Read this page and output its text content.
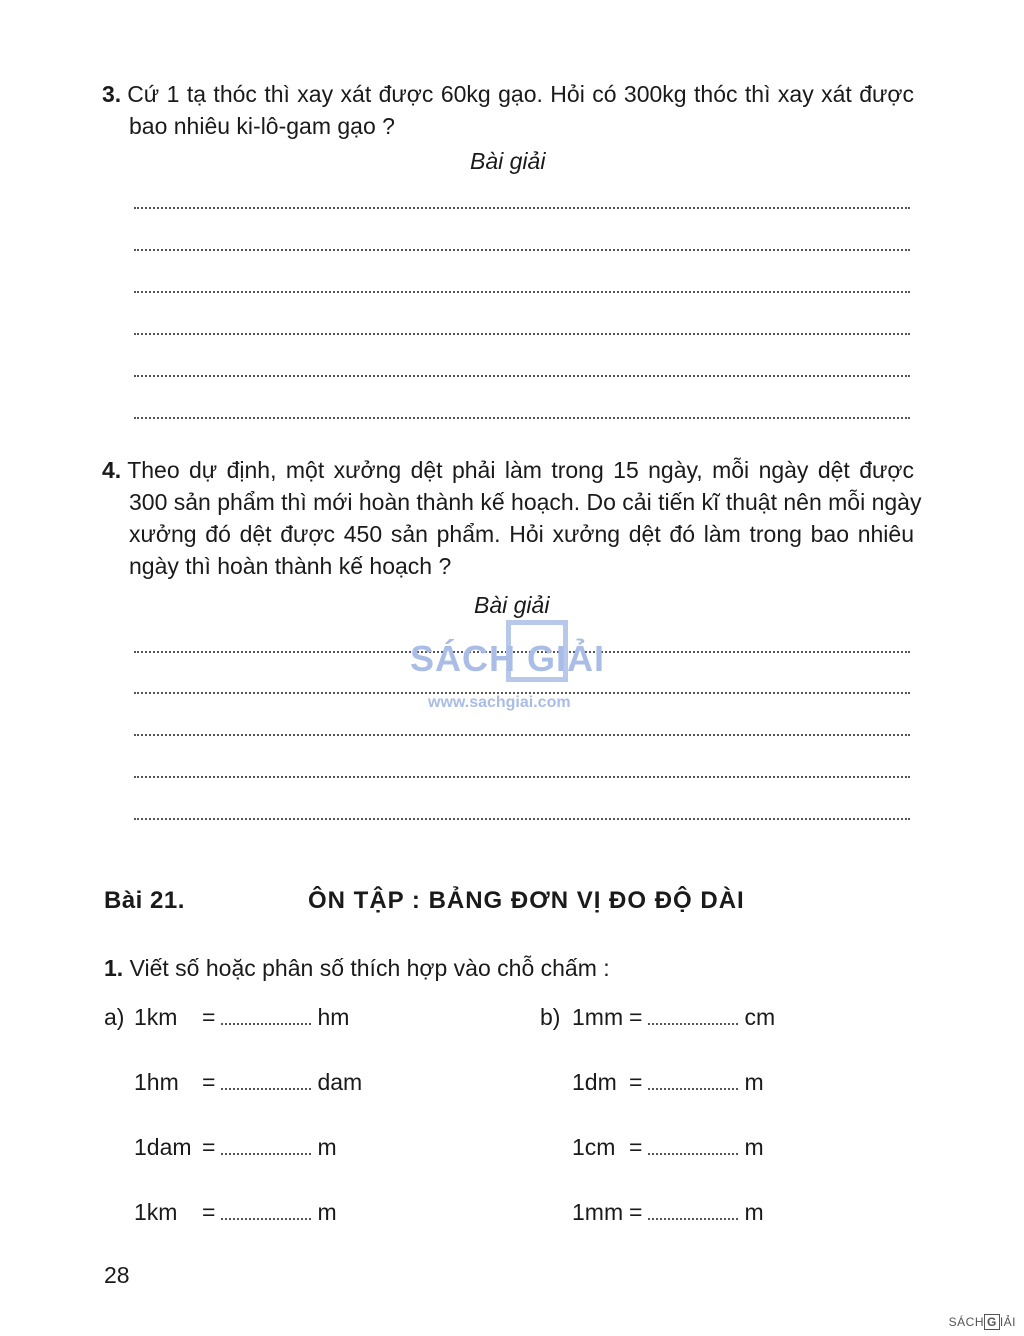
3. Cứ 1 tạ thóc thì xay xát được 60kg gạo. Hỏi có 300kg thóc thì xay xát được
bao nhiêu ki-lô-gam gạo ?
Bài giải
4. Theo dự định, một xưởng dệt phải làm trong 15 ngày, mỗi ngày dệt được
300 sản phẩm thì mới hoàn thành kế hoạch. Do cải tiến kĩ thuật nên mỗi ngày
xưởng đó dệt được 450 sản phẩm. Hỏi xưởng dệt đó làm trong bao nhiêu
ngày thì hoàn thành kế hoạch ?
Bài giải
SÁCH GIẢI
www.sachgiai.com
Bài 21.	ÔN TẬP : BẢNG ĐƠN VỊ ĐO ĐỘ DÀI
1. Viết số hoặc phân số thích hợp vào chỗ chấm :
a) 1km =	hm
1hm =	dam
1dam =	m
1km =	m
b) 1mm =	cm
1dm =	m
1cm =	m
1mm =	m
28
SÁCH G IẢI
